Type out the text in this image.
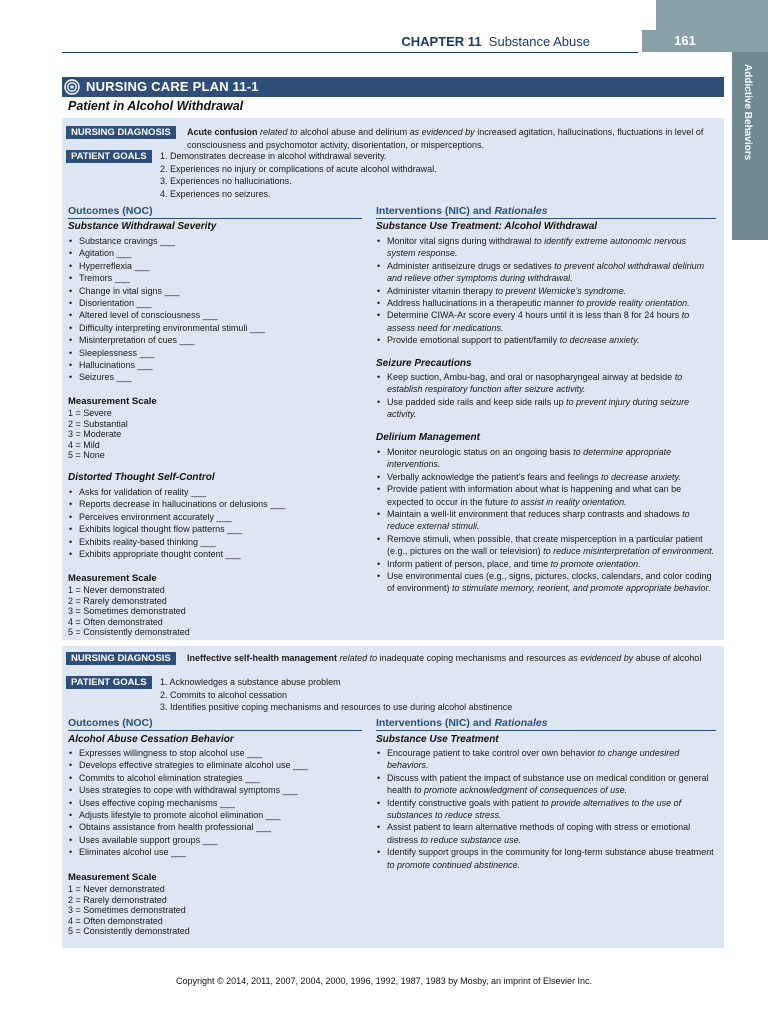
Addictive Behaviors
CHAPTER 11 Substance Abuse	161
NURSING CARE PLAN 11-1
Patient in Alcohol Withdrawal
NURSING DIAGNOSIS	Acute confusion related to alcohol abuse and delirium as evidenced by increased agitation, hallucinations, fluctuations in level of consciousness and psychomotor activity, disorientation, or misperceptions.
PATIENT GOALS	1. Demonstrates decrease in alcohol withdrawal severity.
2. Experiences no injury or complications of acute alcohol withdrawal.
3. Experiences no hallucinations.
4. Experiences no seizures.
Outcomes (NOC)	Interventions (NIC) and Rationales
Substance Withdrawal Severity
• Substance cravings ___
• Agitation ___
• Hyperreflexia ___
• Tremors ___
• Change in vital signs ___
• Disorientation ___
• Altered level of consciousness ___
• Difficulty interpreting environmental stimuli ___
• Misinterpretation of cues ___
• Sleeplessness ___
• Hallucinations ___
• Seizures ___
Measurement Scale
1 = Severe
2 = Substantial
3 = Moderate
4 = Mild
5 = None
Distorted Thought Self-Control
• Asks for validation of reality ___
• Reports decrease in hallucinations or delusions ___
• Perceives environment accurately ___
• Exhibits logical thought flow patterns ___
• Exhibits reality-based thinking ___
• Exhibits appropriate thought content ___
Measurement Scale
1 = Never demonstrated
2 = Rarely demonstrated
3 = Sometimes demonstrated
4 = Often demonstrated
5 = Consistently demonstrated
Substance Use Treatment: Alcohol Withdrawal
• Monitor vital signs during withdrawal to identify extreme autonomic nervous system response.
• Administer antiseizure drugs or sedatives to prevent alcohol withdrawal delirium and relieve other symptoms during withdrawal.
• Administer vitamin therapy to prevent Wernicke’s syndrome.
• Address hallucinations in a therapeutic manner to provide reality orientation.
• Determine CIWA-Ar score every 4 hours until it is less than 8 for 24 hours to assess need for medications.
• Provide emotional support to patient/family to decrease anxiety.
Seizure Precautions
• Keep suction, Ambu-bag, and oral or nasopharyngeal airway at bedside to establish respiratory function after seizure activity.
• Use padded side rails and keep side rails up to prevent injury during seizure activity.
Delirium Management
• Monitor neurologic status on an ongoing basis to determine appropriate interventions.
• Verbally acknowledge the patient’s fears and feelings to decrease anxiety.
• Provide patient with information about what is happening and what can be expected to occur in the future to assist in reality orientation.
• Maintain a well-lit environment that reduces sharp contrasts and shadows to reduce external stimuli.
• Remove stimuli, when possible, that create misperception in a particular patient (e.g., pictures on the wall or television) to reduce misinterpretation of environment.
• Inform patient of person, place, and time to promote orientation.
• Use environmental cues (e.g., signs, pictures, clocks, calendars, and color coding of environment) to stimulate memory, reorient, and promote appropriate behavior.
NURSING DIAGNOSIS	Ineffective self-health management related to inadequate coping mechanisms and resources as evidenced by abuse of alcohol
PATIENT GOALS	1. Acknowledges a substance abuse problem
2. Commits to alcohol cessation
3. Identifies positive coping mechanisms and resources to use during alcohol abstinence
Outcomes (NOC)	Interventions (NIC) and Rationales
Alcohol Abuse Cessation Behavior
• Expresses willingness to stop alcohol use ___
• Develops effective strategies to eliminate alcohol use ___
• Commits to alcohol elimination strategies ___
• Uses strategies to cope with withdrawal symptoms ___
• Uses effective coping mechanisms ___
• Adjusts lifestyle to promote alcohol elimination ___
• Obtains assistance from health professional ___
• Uses available support groups ___
• Eliminates alcohol use ___
Measurement Scale
1 = Never demonstrated
2 = Rarely demonstrated
3 = Sometimes demonstrated
4 = Often demonstrated
5 = Consistently demonstrated
Substance Use Treatment
• Encourage patient to take control over own behavior to change undesired behaviors.
• Discuss with patient the impact of substance use on medical condition or general health to promote acknowledgment of consequences of use.
• Identify constructive goals with patient to provide alternatives to the use of substances to reduce stress.
• Assist patient to learn alternative methods of coping with stress or emotional distress to reduce substance use.
• Identify support groups in the community for long-term substance abuse treatment to promote continued abstinence.
Copyright © 2014, 2011, 2007, 2004, 2000, 1996, 1992, 1987, 1983 by Mosby, an imprint of Elsevier Inc.
